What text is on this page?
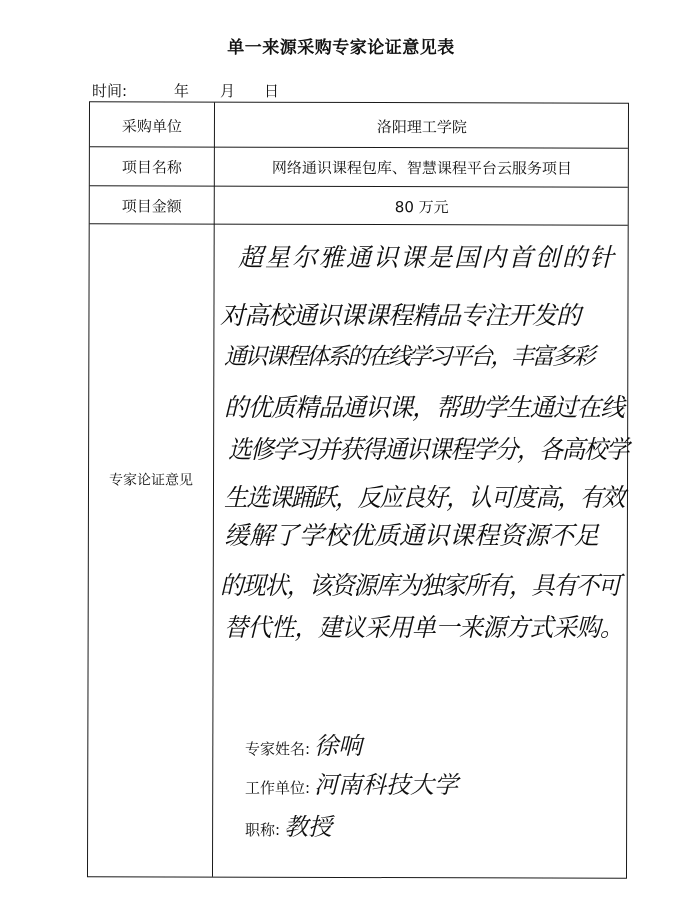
单一来源采购专家论证意见表

时间:

	年

月

日

采购单位	洛阳理工学院
项目名称	网络通识课程包库、智慧课程平台云服务项目
项目金额	80 万元
专家论证意见
超星尔雅通识课是国内首创的针
对高校通识课课程精品专注开发的
通识课程体系的在线学习平台，丰富多彩
的优质精品通识课，帮助学生通过在线
选修学习并获得通识课程学分，各高校学
生选课踊跃，反应良好，认可度高，有效
缓解了学校优质通识课程资源不足
的现状，该资源库为独家所有，具有不可
替代性，建议采用单一来源方式采购。
专家姓名: 徐响
工作单位: 河南科技大学
职称: 教授
